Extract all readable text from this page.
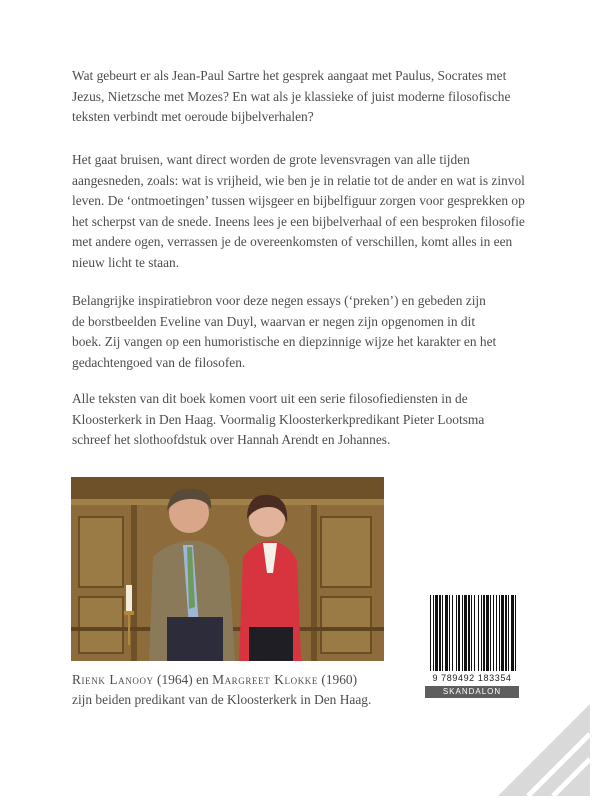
Wat gebeurt er als Jean-Paul Sartre het gesprek aangaat met Paulus, Socrates met
Jezus, Nietzsche met Mozes? En wat als je klassieke of juist moderne filosofische
teksten verbindt met oeroude bijbelverhalen?
Het gaat bruisen, want direct worden de grote levensvragen van alle tijden
aangesneden, zoals: wat is vrijheid, wie ben je in relatie tot de ander en wat is zinvol
leven. De ‘ontmoetingen’ tussen wijsgeer en bijbelfiguur zorgen voor gesprekken op
het scherpst van de snede. Ineens lees je een bijbelverhaal of een besproken filosofie
met andere ogen, verrassen je de overeenkomsten of verschillen, komt alles in een
nieuw licht te staan.
Belangrijke inspiratiebron voor deze negen essays (‘preken’) en gebeden zijn
de borstbeelden Eveline van Duyl, waarvan er negen zijn opgenomen in dit
boek. Zij vangen op een humoristische en diepzinnige wijze het karakter en het
gedachtengoed van de filosofen.
Alle teksten van dit boek komen voort uit een serie filosofiediensten in de
Kloosterkerk in Den Haag. Voormalig Kloosterkerkpredikant Pieter Lootsma
schreef het slothoofdstuk over Hannah Arendt en Johannes.
Rienk Lanooy (1964) en Margreet Klokke (1960)
zijn beiden predikant van de Kloosterkerk in Den Haag.
9 789492 183354
SKANDALON
